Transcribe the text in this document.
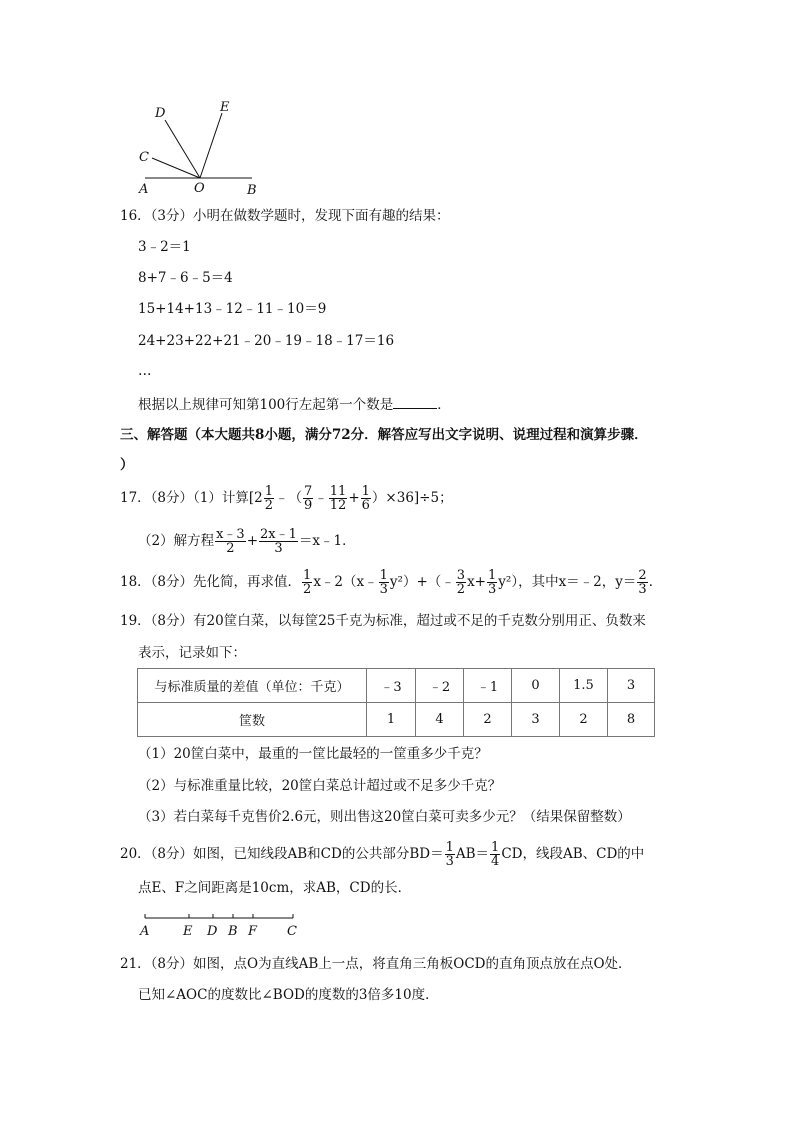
D	E
C
A	O	B
16．（3分）小明在做数学题时，发现下面有趣的结果：
3﹣2＝1
8+7﹣6﹣5＝4
15+14+13﹣12﹣11﹣10＝9
24+23+22+21﹣20﹣19﹣18﹣17＝16
…
根据以上规律可知第100行左起第一个数是	．
三、解答题（本大题共8小题，满分72分．解答应写出文字说明、说理过程和演算步骤．
）
17．（8分）（1）计算[$2 \frac{1}{2}$ ﹣（ $\frac{7}{9}$ ﹣ $\frac{11}{12} + \frac{1}{6} )\times 36]\div 5$；
（2）解方程 $\frac{x﹣3}{2} + \frac{2x﹣1}{3}$ ＝x﹣1．
18．（8分）先化简，再求值． $\frac{1}{2}$ x﹣2（x﹣ $\frac{1}{3}$ y²）+（﹣ $\frac{3}{2} x+ \frac{1}{3} y^2$），其中x＝﹣2，$y= \frac{2}{3}$ ．
19．（8分）有20筐白菜，以每筐25千克为标准，超过或不足的千克数分别用正、负数来
表示，记录如下：
与标准质量的差值（单位：千克）	﹣3	﹣2	﹣1	0	1.5	3
筐数	1	4	2	3	2	8
（1）20筐白菜中，最重的一筐比最轻的一筐重多少千克？
（2）与标准重量比较，20筐白菜总计超过或不足多少千克？
（3）若白菜每千克售价2.6元，则出售这20筐白菜可卖多少元？（结果保留整数）
20．（8分）如图，已知线段AB和CD的公共部分$BD= \frac{1}{3} AB= \frac{1}{4}$ CD，线段AB、CD的中
点E、F之间距离是10cm，求AB，CD的长．
A	E D B F C
21．（8分）如图，点O为直线AB上一点，将直角三角板OCD的直角顶点放在点O处．
已知∠AOC的度数比∠BOD的度数的3倍多10度．
